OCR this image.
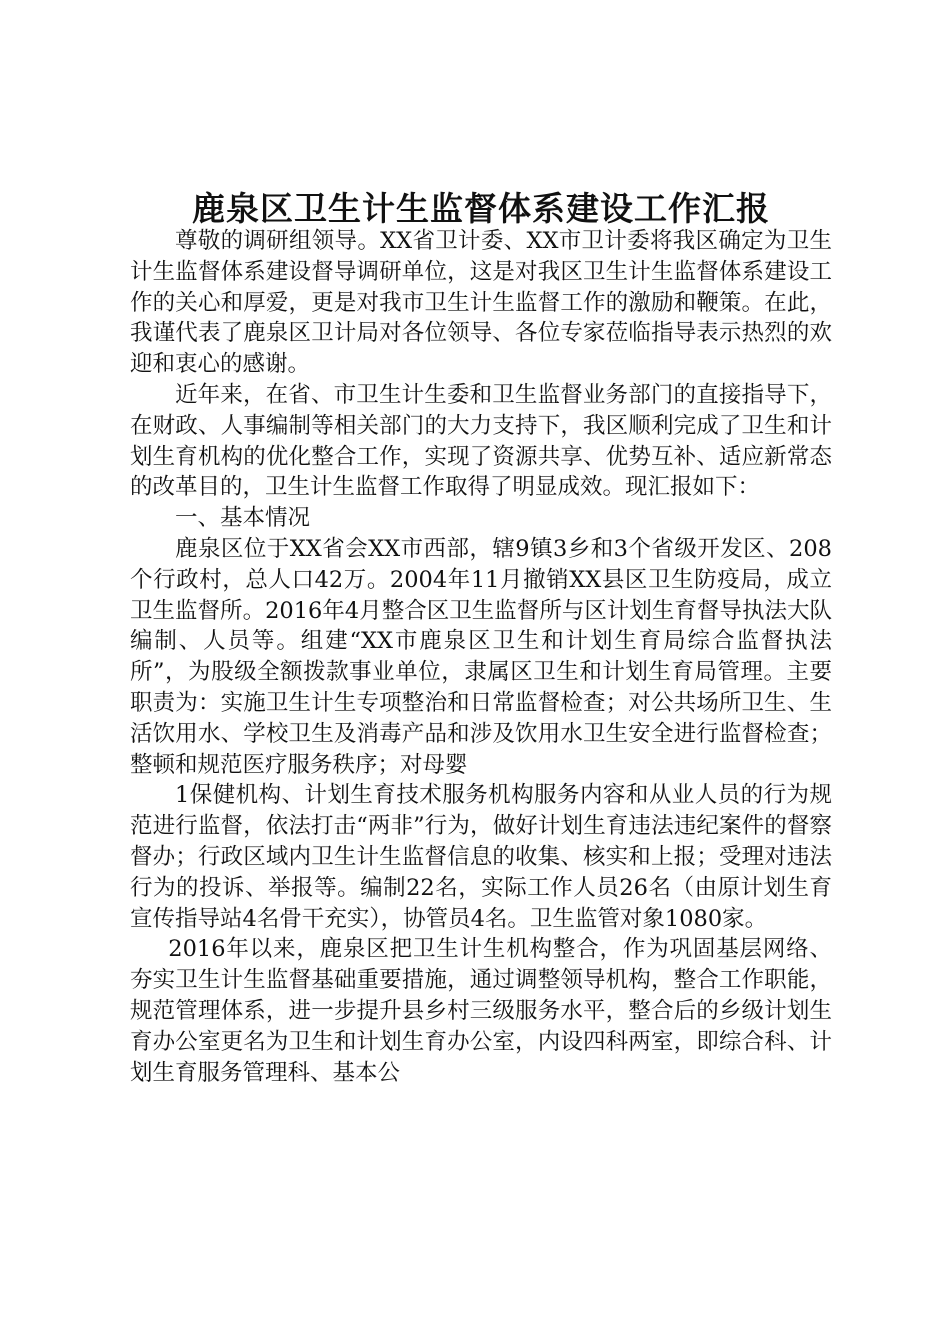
鹿泉区卫生计生监督体系建设工作汇报

尊敬的调研组领导。XX省卫计委、XX市卫计委将我区确定为卫生计生监督体系建设督导调研单位，这是对我区卫生计生监督体系建设工作的关心和厚爱，更是对我市卫生计生监督工作的激励和鞭策。在此，我谨代表了鹿泉区卫计局对各位领导、各位专家莅临指导表示热烈的欢迎和衷心的感谢。

近年来，在省、市卫生计生委和卫生监督业务部门的直接指导下，在财政、人事编制等相关部门的大力支持下，我区顺利完成了卫生和计划生育机构的优化整合工作，实现了资源共享、优势互补、适应新常态的改革目的，卫生计生监督工作取得了明显成效。现汇报如下：

一、基本情况

鹿泉区位于XX省会XX市西部，辖9镇3乡和3个省级开发区、208个行政村，总人口42万。2004年11月撤销XX县区卫生防疫局，成立卫生监督所。2016年4月整合区卫生监督所与区计划生育督导执法大队编制、人员等。组建“XX市鹿泉区卫生和计划生育局综合监督执法所”，为股级全额拨款事业单位，隶属区卫生和计划生育局管理。主要职责为：实施卫生计生专项整治和日常监督检查；对公共场所卫生、生活饮用水、学校卫生及消毒产品和涉及饮用水卫生安全进行监督检查；整顿和规范医疗服务秩序；对母婴

1保健机构、计划生育技术服务机构服务内容和从业人员的行为规范进行监督，依法打击“两非”行为，做好计划生育违法违纪案件的督察督办；行政区域内卫生计生监督信息的收集、核实和上报；受理对违法行为的投诉、举报等。编制22名，实际工作人员26名（由原计划生育宣传指导站4名骨干充实），协管员4名。卫生监管对象1080家。

2016年以来，鹿泉区把卫生计生机构整合，作为巩固基层网络、夯实卫生计生监督基础重要措施，通过调整领导机构，整合工作职能，规范管理体系，进一步提升县乡村三级服务水平，整合后的乡级计划生育办公室更名为卫生和计划生育办公室，内设四科两室，即综合科、计划生育服务管理科、基本公
